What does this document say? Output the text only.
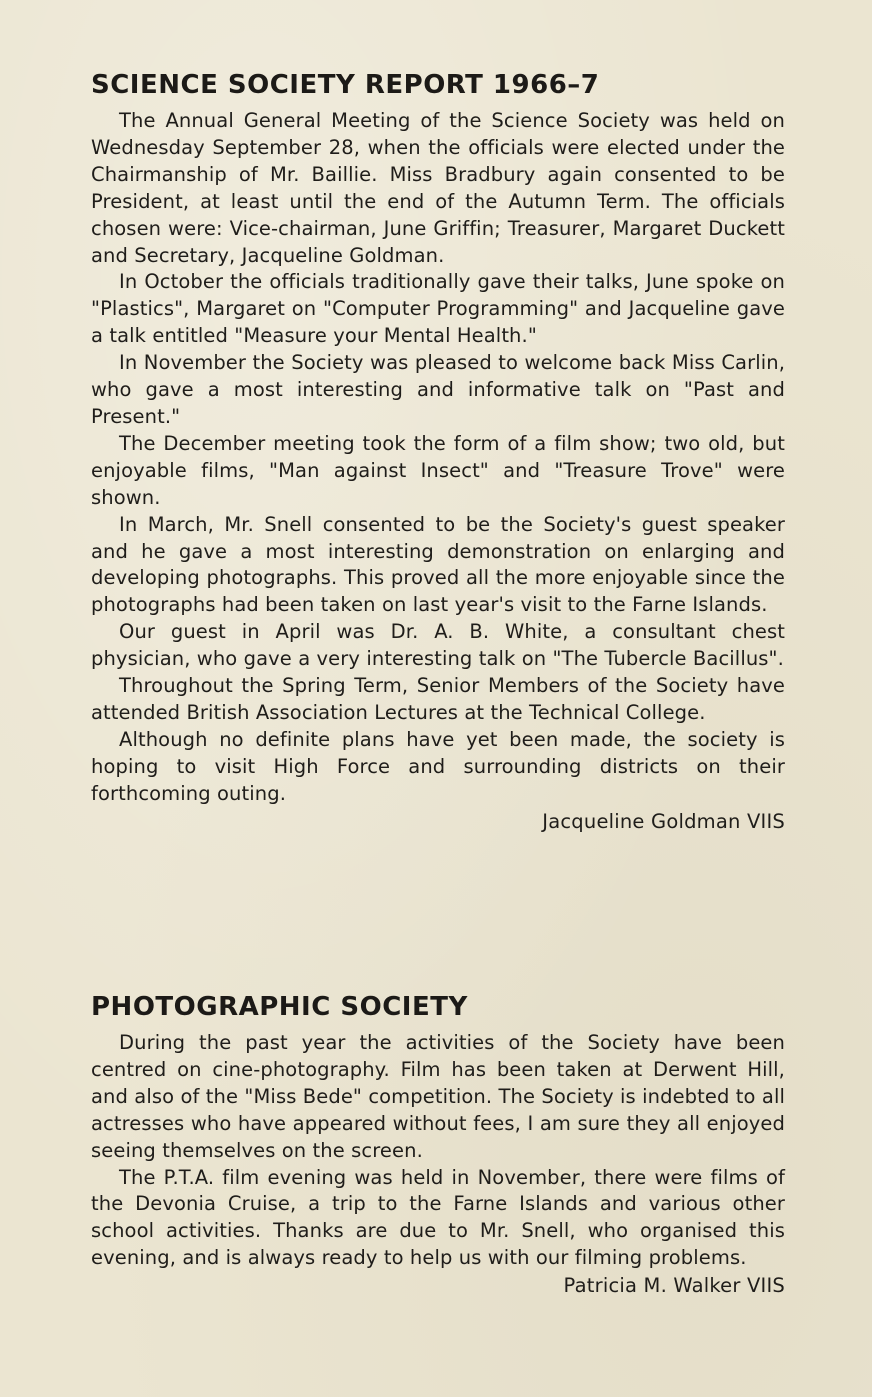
SCIENCE SOCIETY REPORT 1966–7

The Annual General Meeting of the Science Society was held on Wednesday September 28, when the officials were elected under the Chairmanship of Mr. Baillie. Miss Bradbury again consented to be President, at least until the end of the Autumn Term. The officials chosen were: Vice-chairman, June Griffin; Treasurer, Margaret Duckett and Secretary, Jacqueline Goldman.

In October the officials traditionally gave their talks, June spoke on "Plastics", Margaret on "Computer Programming" and Jacqueline gave a talk entitled "Measure your Mental Health."

In November the Society was pleased to welcome back Miss Carlin, who gave a most interesting and informative talk on "Past and Present."

The December meeting took the form of a film show; two old, but enjoyable films, "Man against Insect" and "Treasure Trove" were shown.

In March, Mr. Snell consented to be the Society's guest speaker and he gave a most interesting demonstration on enlarging and developing photographs. This proved all the more enjoyable since the photographs had been taken on last year's visit to the Farne Islands.

Our guest in April was Dr. A. B. White, a consultant chest physician, who gave a very interesting talk on "The Tubercle Bacillus".

Throughout the Spring Term, Senior Members of the Society have attended British Association Lectures at the Technical College.

Although no definite plans have yet been made, the society is hoping to visit High Force and surrounding districts on their forthcoming outing.

Jacqueline Goldman VIIS

PHOTOGRAPHIC SOCIETY

During the past year the activities of the Society have been centred on cine-photography. Film has been taken at Derwent Hill, and also of the "Miss Bede" competition. The Society is indebted to all actresses who have appeared without fees, I am sure they all enjoyed seeing themselves on the screen.

The P.T.A. film evening was held in November, there were films of the Devonia Cruise, a trip to the Farne Islands and various other school activities. Thanks are due to Mr. Snell, who organised this evening, and is always ready to help us with our filming problems.

Patricia M. Walker VIIS
